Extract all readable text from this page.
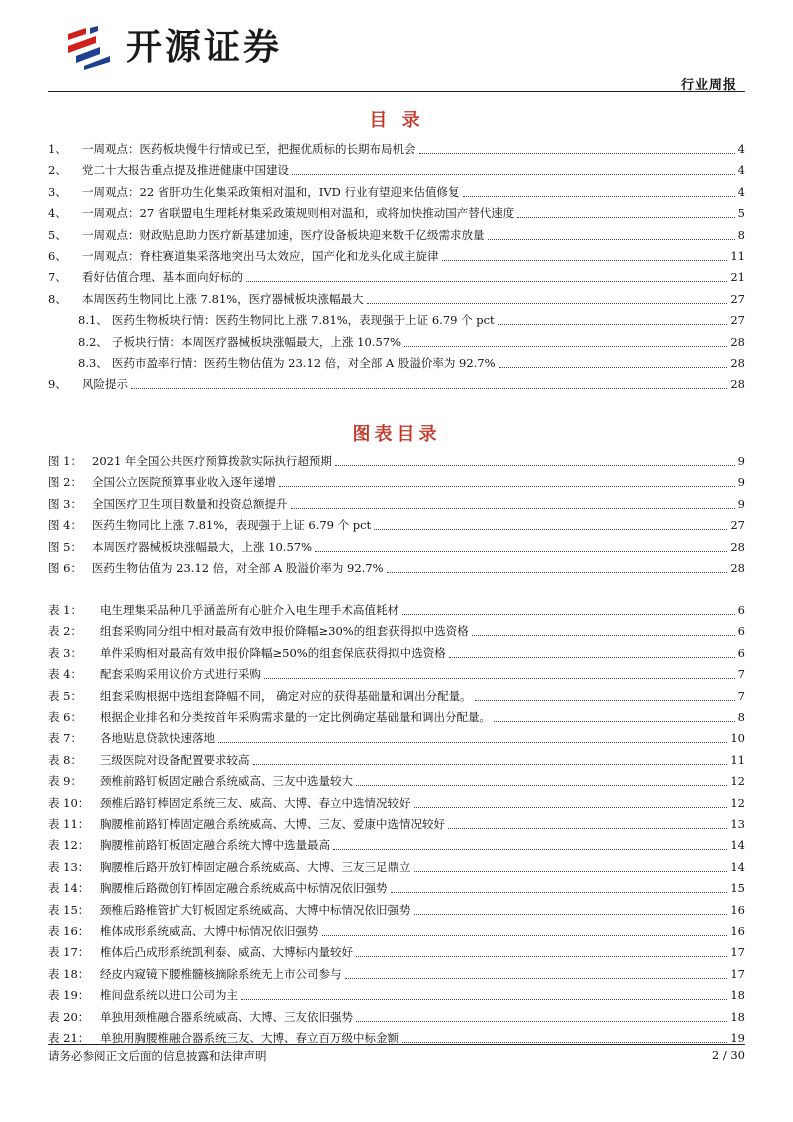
开源证券
行业周报
目 录
1、	一周观点：医药板块慢牛行情或已至，把握优质标的长期布局机会	4
2、	党二十大报告重点提及推进健康中国建设	4
3、	一周观点：22 省肝功生化集采政策相对温和，IVD 行业有望迎来估值修复	4
4、	一周观点：27 省联盟电生理耗材集采政策规则相对温和，或将加快推动国产替代速度	5
5、	一周观点：财政贴息助力医疗新基建加速，医疗设备板块迎来数千亿级需求放量	8
6、	一周观点：脊柱赛道集采落地突出马太效应，国产化和龙头化成主旋律	11
7、	看好估值合理、基本面向好标的	21
8、	本周医药生物同比上涨 7.81%，医疗器械板块涨幅最大	27
8.1、 医药生物板块行情：医药生物同比上涨 7.81%，表现强于上证 6.79 个 pct	27
8.2、 子板块行情：本周医疗器械板块涨幅最大，上涨 10.57%	28
8.3、 医药市盈率行情：医药生物估值为 23.12 倍，对全部 A 股溢价率为 92.7%	28
9、	风险提示	28
图表目录
图 1： 2021 年全国公共医疗预算拨款实际执行超预期	9
图 2： 全国公立医院预算事业收入逐年递增	9
图 3： 全国医疗卫生项目数量和投资总额提升	9
图 4： 医药生物同比上涨 7.81%，表现强于上证 6.79 个 pct	27
图 5： 本周医疗器械板块涨幅最大，上涨 10.57%	28
图 6： 医药生物估值为 23.12 倍，对全部 A 股溢价率为 92.7%	28
表 1：	电生理集采品种几乎涵盖所有心脏介入电生理手术高值耗材	6
表 2：	组套采购同分组中相对最高有效申报价降幅≥30%的组套获得拟中选资格	6
表 3：	单件采购相对最高有效申报价降幅≥50%的组套保底获得拟中选资格	6
表 4：	配套采购采用议价方式进行采购	7
表 5：	组套采购根据中选组套降幅不同， 确定对应的获得基础量和调出分配量。	7
表 6：	根据企业排名和分类按首年采购需求量的一定比例确定基础量和调出分配量。	8
表 7：	各地贴息贷款快速落地	10
表 8：	三级医院对设备配置要求较高	11
表 9：	颈椎前路钉板固定融合系统威高、三友中选量较大	12
表 10： 颈椎后路钉棒固定系统三友、威高、大博、春立中选情况较好	12
表 11： 胸腰椎前路钉棒固定融合系统威高、大博、三友、爱康中选情况较好	13
表 12： 胸腰椎前路钉板固定融合系统大博中选量最高	14
表 13： 胸腰椎后路开放钉棒固定融合系统威高、大博、三友三足鼎立	14
表 14： 胸腰椎后路微创钉棒固定融合系统威高中标情况依旧强势	15
表 15： 颈椎后路椎管扩大钉板固定系统威高、大博中标情况依旧强势	16
表 16： 椎体成形系统威高、大博中标情况依旧强势	16
表 17： 椎体后凸成形系统凯利泰、威高、大博标内量较好	17
表 18： 经皮内窥镜下腰椎髓核摘除系统无上市公司参与	17
表 19： 椎间盘系统以进口公司为主	18
表 20： 单独用颈椎融合器系统威高、大博、三友依旧强势	18
表 21： 单独用胸腰椎融合器系统三友、大博、春立百万级中标金额	19
请务必参阅正文后面的信息披露和法律声明	2 / 30
